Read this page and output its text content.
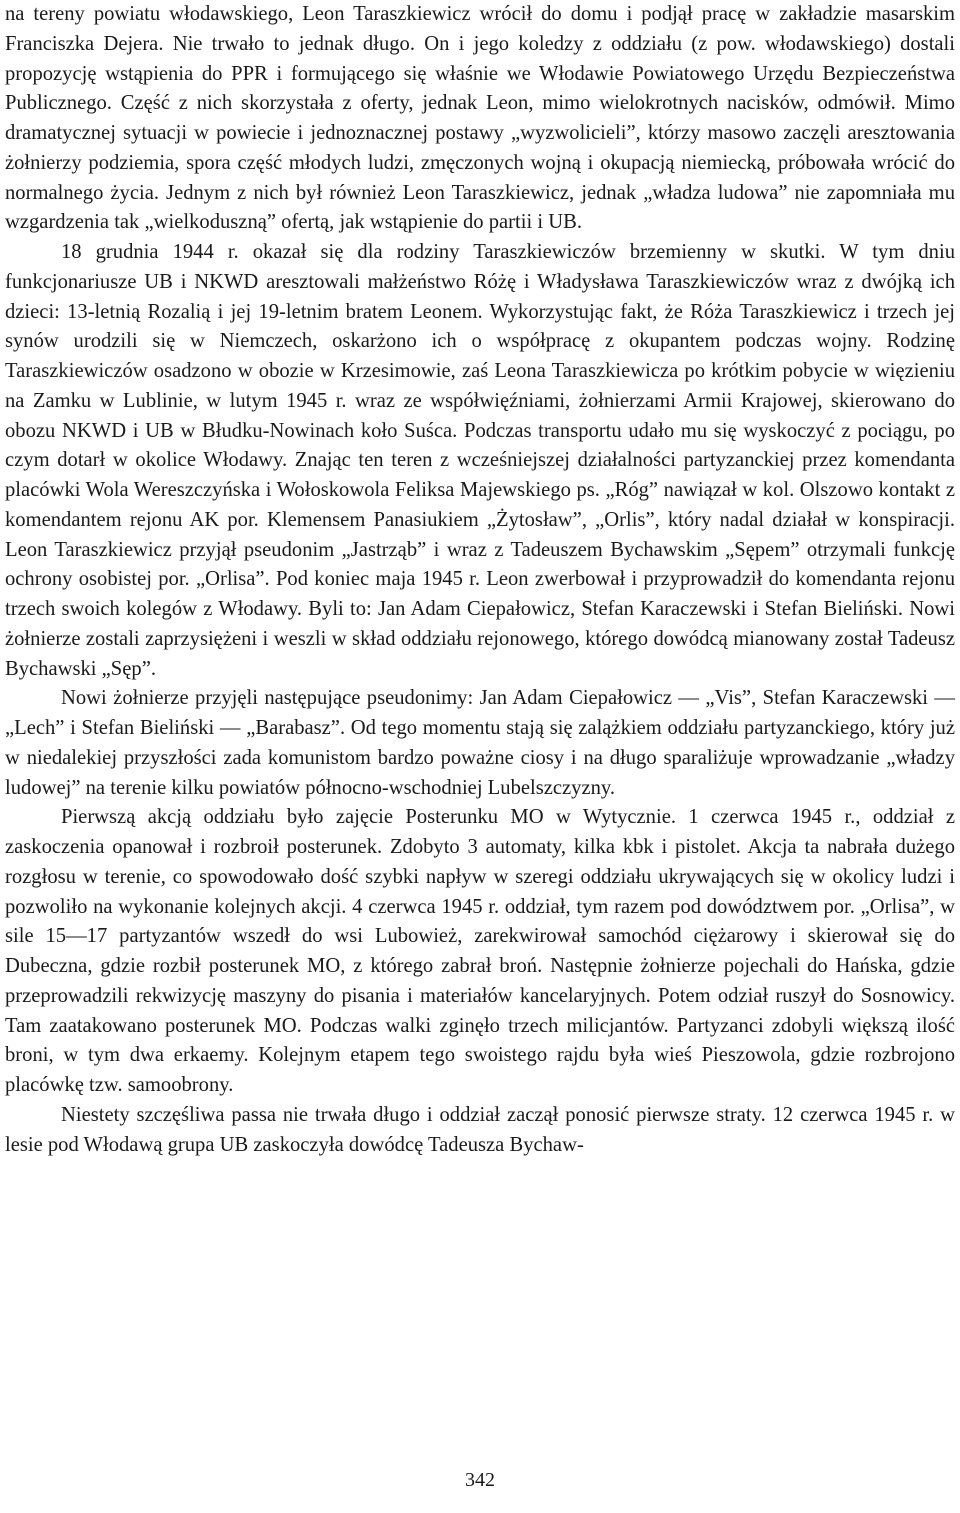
na tereny powiatu włodawskiego, Leon Taraszkiewicz wrócił do domu i podjął pracę w zakładzie masarskim Franciszka Dejera. Nie trwało to jednak długo. On i jego koledzy z oddziału (z pow. włodawskiego) dostali propozycję wstąpienia do PPR i formującego się właśnie we Włodawie Powiatowego Urzędu Bezpieczeństwa Publicznego. Część z nich skorzystała z oferty, jednak Leon, mimo wielokrotnych nacisków, odmówił. Mimo dramatycznej sytuacji w powiecie i jednoznacznej postawy „wyzwolicieli”, którzy masowo zaczęli aresztowania żołnierzy podziemia, spora część młodych ludzi, zmęczonych wojną i okupacją niemiecką, próbowała wrócić do normalnego życia. Jednym z nich był również Leon Taraszkiewicz, jednak „władza ludowa” nie zapomniała mu wzgardzenia tak „wielkoduszną” ofertą, jak wstąpienie do partii i UB.

18 grudnia 1944 r. okazał się dla rodziny Taraszkiewiczów brzemienny w skutki. W tym dniu funkcjonariusze UB i NKWD aresztowali małżeństwo Różę i Władysława Taraszkiewiczów wraz z dwójką ich dzieci: 13-letnią Rozalią i jej 19-letnim bratem Leonem. Wykorzystując fakt, że Róża Taraszkiewicz i trzech jej synów urodzili się w Niemczech, oskarżono ich o współpracę z okupantem podczas wojny. Rodzinę Taraszkiewiczów osadzono w obozie w Krzesimowie, zaś Leona Taraszkiewicza po krótkim pobycie w więzieniu na Zamku w Lublinie, w lutym 1945 r. wraz ze współwięźniami, żołnierzami Armii Krajowej, skierowano do obozu NKWD i UB w Błudku-Nowinach koło Suśca. Podczas transportu udało mu się wyskoczyć z pociągu, po czym dotarł w okolice Włodawy. Znając ten teren z wcześniejszej działalności partyzanckiej przez komendanta placówki Wola Wereszczyńska i Wołoskowola Feliksa Majewskiego ps. „Róg” nawiązał w kol. Olszowo kontakt z komendantem rejonu AK por. Klemensem Panasiukiem „Żytosław”, „Orlis”, który nadal działał w konspiracji. Leon Taraszkiewicz przyjął pseudonim „Jastrząb” i wraz z Tadeuszem Bychawskim „Sępem” otrzymali funkcję ochrony osobistej por. „Orlisa”. Pod koniec maja 1945 r. Leon zwerbował i przyprowadził do komendanta rejonu trzech swoich kolegów z Włodawy. Byli to: Jan Adam Ciepałowicz, Stefan Karaczewski i Stefan Bieliński. Nowi żołnierze zostali zaprzysiężeni i weszli w skład oddziału rejonowego, którego dowódcą mianowany został Tadeusz Bychawski „Sęp”.

Nowi żołnierze przyjęli następujące pseudonimy: Jan Adam Ciepałowicz — „Vis”, Stefan Karaczewski — „Lech” i Stefan Bieliński — „Barabasz”. Od tego momentu stają się zalążkiem oddziału partyzanckiego, który już w niedalekiej przyszłości zada komunistom bardzo poważne ciosy i na długo sparaliżuje wprowadzanie „władzy ludowej” na terenie kilku powiatów północno-wschodniej Lubelszczyzny.

Pierwszą akcją oddziału było zajęcie Posterunku MO w Wytycznie. 1 czerwca 1945 r., oddział z zaskoczenia opanował i rozbroił posterunek. Zdobyto 3 automaty, kilka kbk i pistolet. Akcja ta nabrała dużego rozgłosu w terenie, co spowodowało dość szybki napływ w szeregi oddziału ukrywających się w okolicy ludzi i pozwoliło na wykonanie kolejnych akcji. 4 czerwca 1945 r. oddział, tym razem pod dowództwem por. „Orlisa”, w sile 15—17 partyzantów wszedł do wsi Lubowież, zarekwirował samochód ciężarowy i skierował się do Dubeczna, gdzie rozbił posterunek MO, z którego zabrał broń. Następnie żołnierze pojechali do Hańska, gdzie przeprowadzili rekwizycję maszyny do pisania i materiałów kancelaryjnych. Potem odział ruszył do Sosnowicy. Tam zaatakowano posterunek MO. Podczas walki zginęło trzech milicjantów. Partyzanci zdobyli większą ilość broni, w tym dwa erkaemy. Kolejnym etapem tego swoistego rajdu była wieś Pieszowola, gdzie rozbrojono placówkę tzw. samoobrony.

Niestety szczęśliwa passa nie trwała długo i oddział zaczął ponosić pierwsze straty. 12 czerwca 1945 r. w lesie pod Włodawą grupa UB zaskoczyła dowódcę Tadeusza Bychaw-

342
